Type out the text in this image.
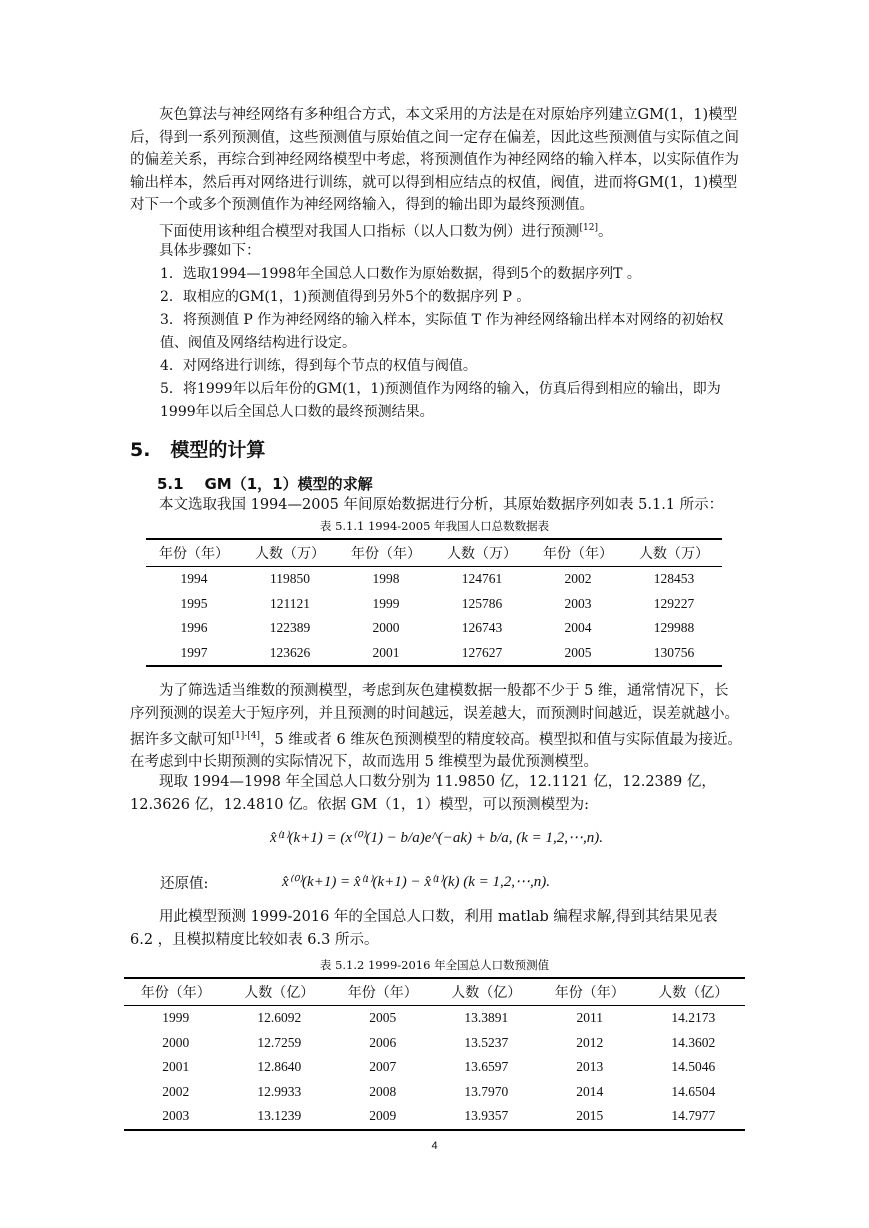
灰色算法与神经网络有多种组合方式，本文采用的方法是在对原始序列建立GM(1，1)模型后，得到一系列预测值，这些预测值与原始值之间一定存在偏差，因此这些预测值与实际值之间的偏差关系，再综合到神经网络模型中考虑，将预测值作为神经网络的输入样本，以实际值作为输出样本，然后再对网络进行训练，就可以得到相应结点的权值，阀值，进而将GM(1，1)模型对下一个或多个预测值作为神经网络输入，得到的输出即为最终预测值。

下面使用该种组合模型对我国人口指标（以人口数为例）进行预测[12]。

具体步骤如下：

1．选取1994—1998年全国总人口数作为原始数据，得到5个的数据序列T 。

2．取相应的GM(1，1)预测值得到另外5个的数据序列 P 。

3．将预测值 P 作为神经网络的输入样本，实际值 T 作为神经网络输出样本对网络的初始权值、阀值及网络结构进行设定。

4．对网络进行训练，得到每个节点的权值与阀值。

5．将1999年以后年份的GM(1，1)预测值作为网络的输入，仿真后得到相应的输出，即为1999年以后全国总人口数的最终预测结果。

5. 模型的计算
5.1 GM（1，1）模型的求解

本文选取我国 1994—2005 年间原始数据进行分析，其原始数据序列如表 5.1.1 所示：

表 5.1.1 1994-2005 年我国人口总数数据表

年份（年）	人数（万）	年份（年）	人数（万）	年份（年）	人数（万）
1994	119850	1998	124761	2002	128453
1995	121121	1999	125786	2003	129227
1996	122389	2000	126743	2004	129988
1997	123626	2001	127627	2005	130756

为了筛选适当维数的预测模型，考虑到灰色建模数据一般都不少于 5 维，通常情况下，长序列预测的误差大于短序列，并且预测的时间越远，误差越大，而预测时间越近，误差就越小。据许多文献可知[1]-[4]，5 维或者 6 维灰色预测模型的精度较高。模型拟和值与实际值最为接近。在考虑到中长期预测的实际情况下，故而选用 5 维模型为最优预测模型。

现取 1994—1998 年全国总人口数分别为 11.9850 亿，12.1121 亿，12.2389 亿，12.3626 亿，12.4810 亿。依据 GM（1，1）模型，可以预测模型为:

x̂⁽¹⁾(k+1) = (x⁽⁰⁾(1) − b/a)e^(−ak) + b/a, (k = 1,2,⋯,n).

还原值:	x̂⁽⁰⁾(k+1) = x̂⁽¹⁾(k+1) − x̂⁽¹⁾(k) (k = 1,2,⋯,n).

用此模型预测 1999-2016 年的全国总人口数，利用 matlab 编程求解,得到其结果见表 6.2 ，且模拟精度比较如表 6.3 所示。

表 5.1.2 1999-2016 年全国总人口数预测值

年份（年）	人数（亿）	年份（年）	人数（亿）	年份（年）	人数（亿）
1999	12.6092	2005	13.3891	2011	14.2173
2000	12.7259	2006	13.5237	2012	14.3602
2001	12.8640	2007	13.6597	2013	14.5046
2002	12.9933	2008	13.7970	2014	14.6504
2003	13.1239	2009	13.9357	2015	14.7977
4
